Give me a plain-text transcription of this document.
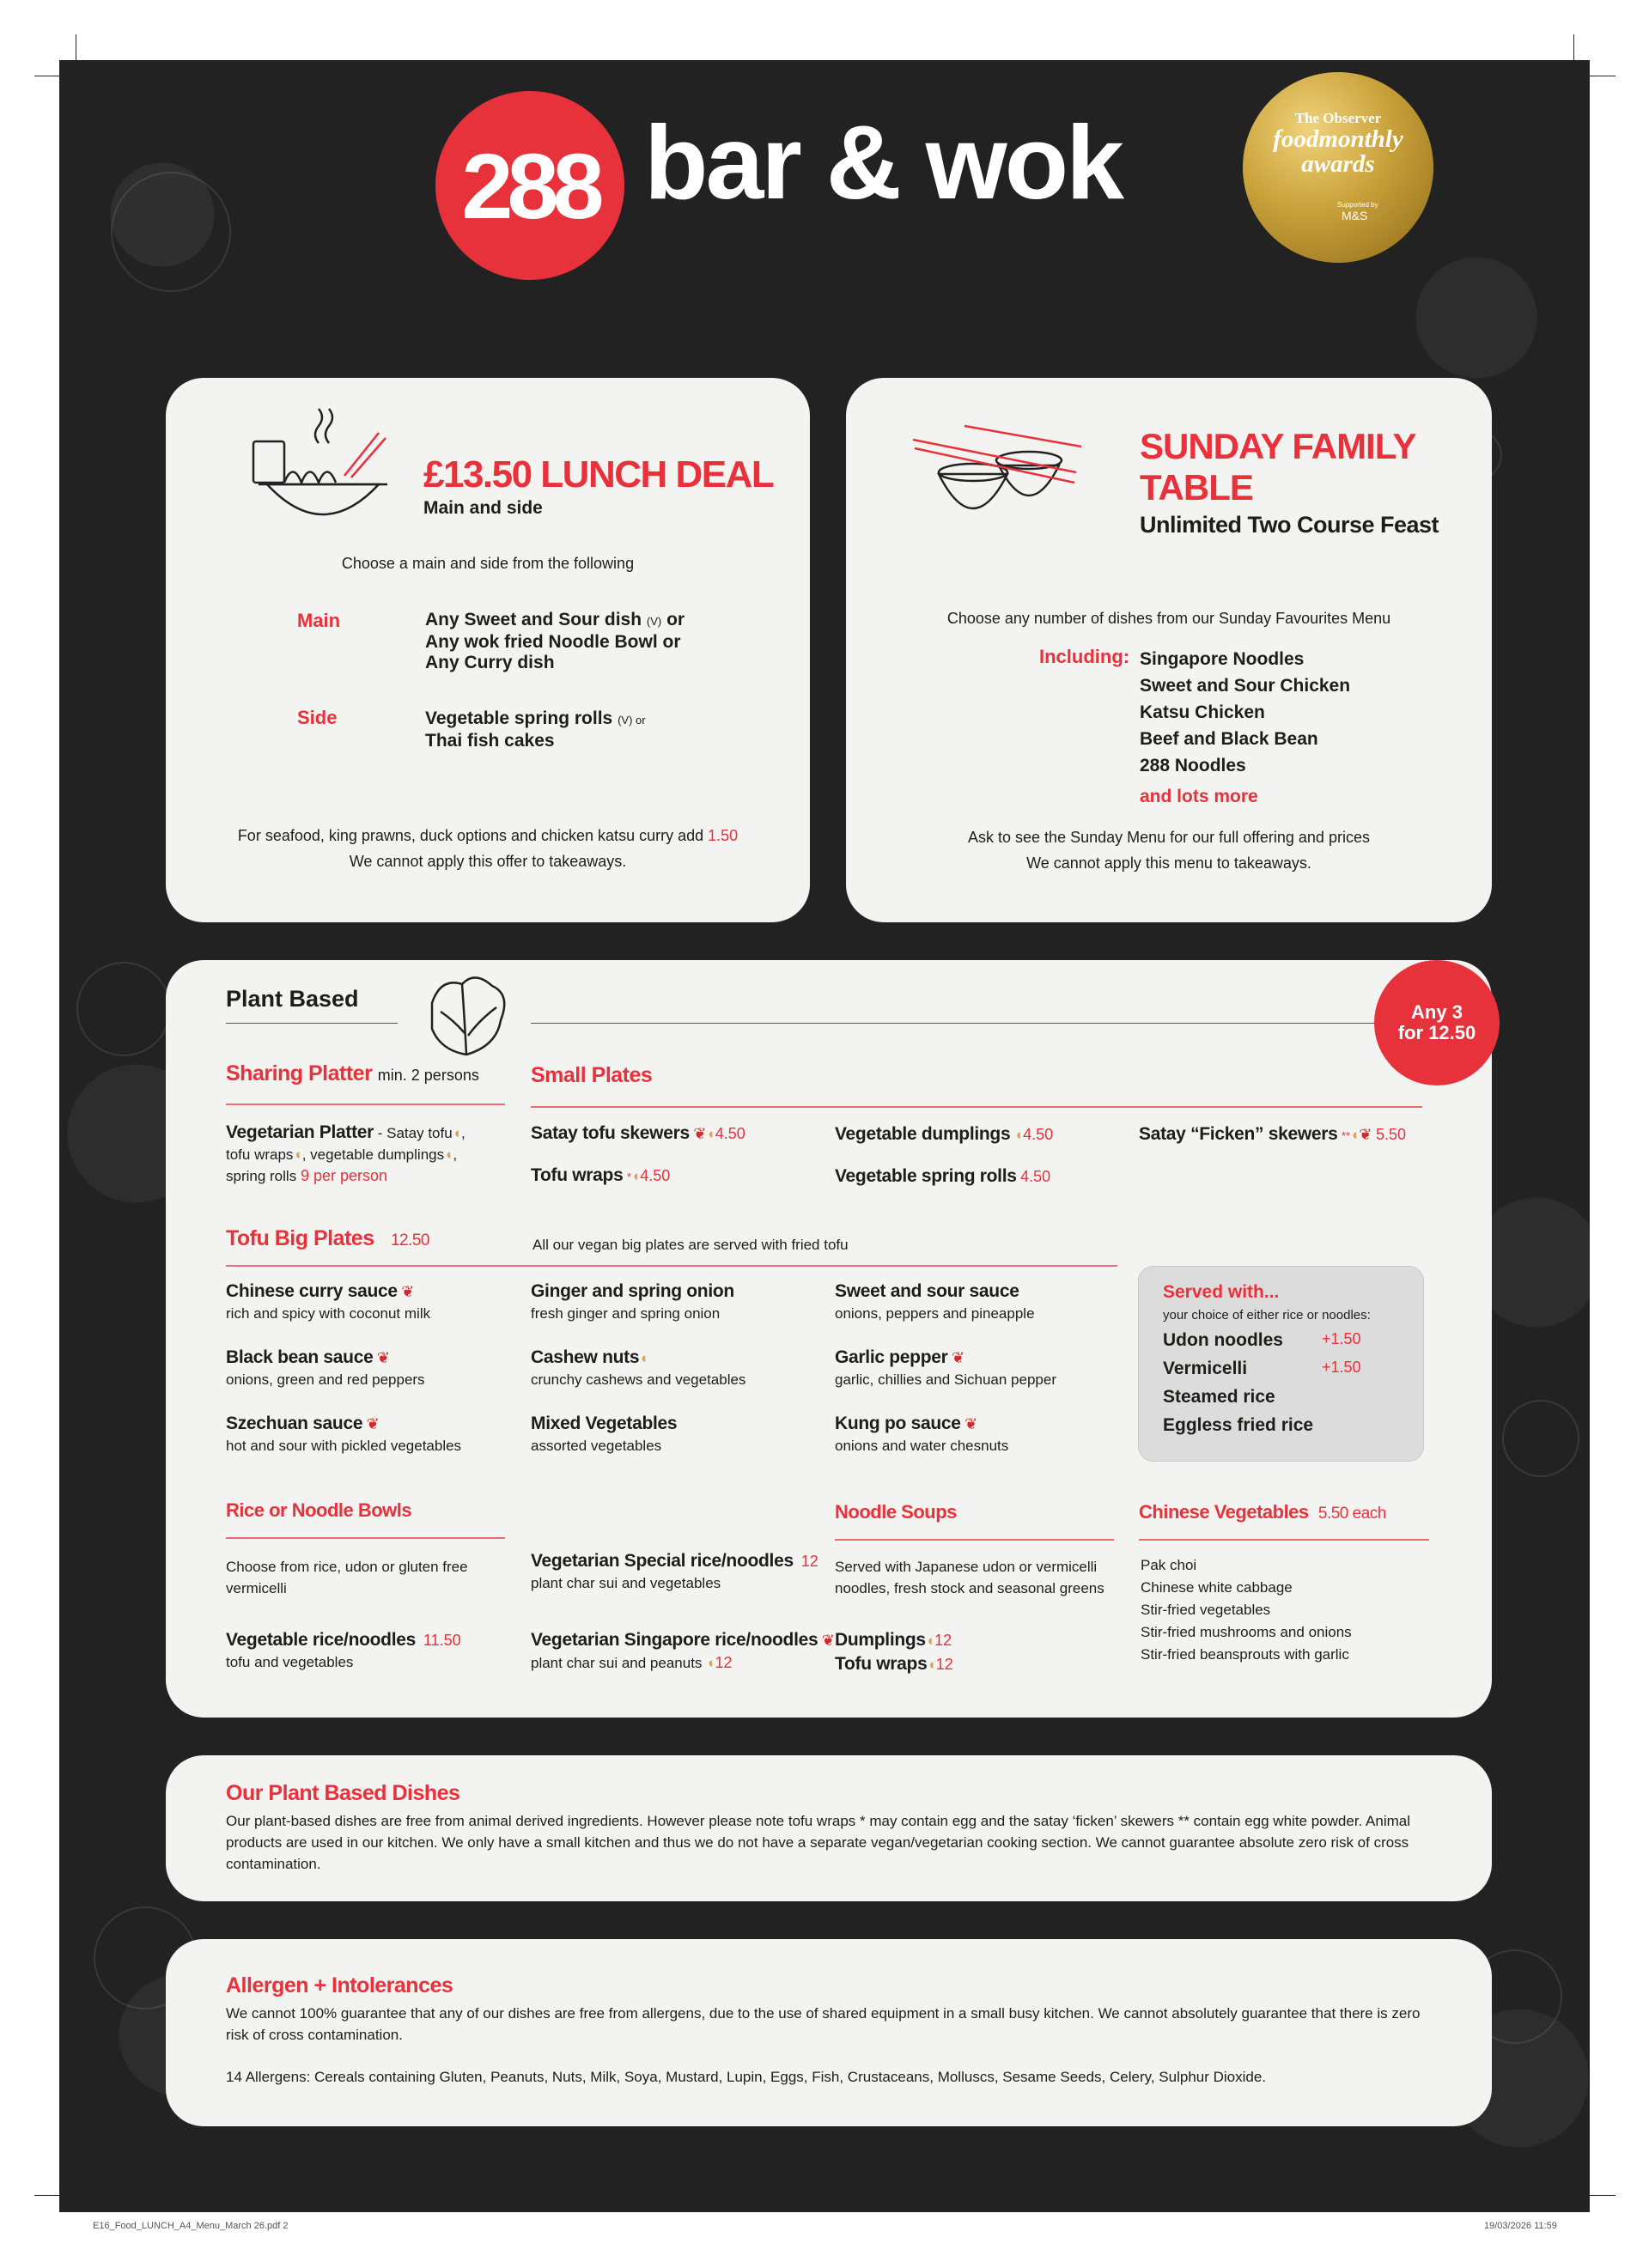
288 bar & wok	The Observer
foodmonthly
awards
Supported by
M&S
£13.50 LUNCH DEAL
Main and side
Choose a main and side from the following
Main	Any Sweet and Sour dish (V) or
Any wok fried Noodle Bowl or
Any Curry dish
Side	Vegetable spring rolls (V) or
Thai fish cakes
For seafood, king prawns, duck options and chicken katsu curry add 1.50
We cannot apply this offer to takeaways.
SUNDAY FAMILY
TABLE
Unlimited Two Course Feast
Choose any number of dishes from our Sunday Favourites Menu
Including: Singapore Noodles
Sweet and Sour Chicken
Katsu Chicken
Beef and Black Bean
288 Noodles
and lots more
Ask to see the Sunday Menu for our full offering and prices
We cannot apply this menu to takeaways.
Plant Based
Any 3
for 12.50
Sharing Platter min. 2 persons
Vegetarian Platter - Satay tofu◖,
tofu wraps◖, vegetable dumplings◖,
spring rolls 9 per person
Small Plates
Satay tofu skewers ❦◖4.50
Tofu wraps *◖4.50
Vegetable dumplings ◖4.50
Vegetable spring rolls 4.50
Satay “Ficken” skewers **◖❦ 5.50
Tofu Big Plates 12.50	All our vegan big plates are served with fried tofu
Chinese curry sauce ❦
rich and spicy with coconut milk
Black bean sauce ❦
onions, green and red peppers
Szechuan sauce ❦
hot and sour with pickled vegetables
Ginger and spring onion
fresh ginger and spring onion
Cashew nuts◖
crunchy cashews and vegetables
Mixed Vegetables
assorted vegetables
Sweet and sour sauce
onions, peppers and pineapple
Garlic pepper ❦
garlic, chillies and Sichuan pepper
Kung po sauce ❦
onions and water chesnuts
Served with...
your choice of either rice or noodles:
Udon noodles	+1.50
Vermicelli	+1.50
Steamed rice
Eggless fried rice
Rice or Noodle Bowls
Choose from rice, udon or gluten free vermicelli
Vegetable rice/noodles 11.50
tofu and vegetables
Vegetarian Special rice/noodles 12
plant char sui and vegetables
Vegetarian Singapore rice/noodles ❦
plant char sui and peanuts ◖12
Noodle Soups
Served with Japanese udon or vermicelli noodles, fresh stock and seasonal greens
Dumplings◖12
Tofu wraps◖12
Chinese Vegetables 5.50 each
Pak choi
Chinese white cabbage
Stir-fried vegetables
Stir-fried mushrooms and onions
Stir-fried beansprouts with garlic
Our Plant Based Dishes
Our plant-based dishes are free from animal derived ingredients. However please note tofu wraps * may contain egg and the satay ‘ficken’ skewers ** contain egg white powder. Animal products are used in our kitchen. We only have a small kitchen and thus we do not have a separate vegan/vegetarian cooking section. We cannot guarantee absolute zero risk of cross contamination.
Allergen + Intolerances
We cannot 100% guarantee that any of our dishes are free from allergens, due to the use of shared equipment in a small busy kitchen. We cannot absolutely guarantee that there is zero risk of cross contamination.
14 Allergens: Cereals containing Gluten, Peanuts, Nuts, Milk, Soya, Mustard, Lupin, Eggs, Fish, Crustaceans, Molluscs, Sesame Seeds, Celery, Sulphur Dioxide.
E16_Food_LUNCH_A4_Menu_March 26.pdf 2	19/03/2026 11:59
